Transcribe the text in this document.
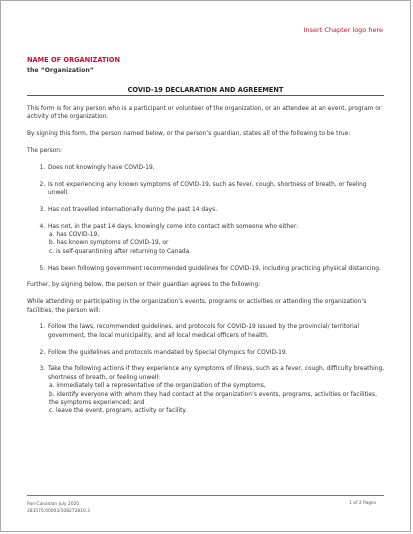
Insert Chapter logo here
NAME OF ORGANIZATION
the “Organization”
COVID-19 DECLARATION AND AGREEMENT

This form is for any person who is a participant or volunteer of the organization, or an attendee at an event, program or activity of the organization.

By signing this form, the person named below, or the person’s guardian, states all of the following to be true:

The person:

1. Does not knowingly have COVID-19.
2. Is not experiencing any known symptoms of COVID-19, such as fever, cough, shortness of breath, or feeling unwell.
3. Has not travelled internationally during the past 14 days.
4. Has not, in the past 14 days, knowingly come into contact with someone who either:
a. has COVID-19,
b. has known symptoms of COVID-19, or
c. is self-quarantining after returning to Canada.
5. Has been following government recommended guidelines for COVID-19, including practicing physical distancing.

Further, by signing below, the person or their guardian agrees to the following:

While attending or participating in the organization’s events, programs or activities or attending the organization’s facilities, the person will:

1. Follow the laws, recommended guidelines, and protocols for COVID-19 issued by the provincial/ territorial government, the local municipality, and all local medical officers of health.
2. Follow the guidelines and protocols mandated by Special Olympics for COVID-19.
3. Take the following actions if they experience any symptoms of illness, such as a fever, cough, difficulty breathing, shortness of breath, or feeling unwell:
a. immediately tell a representative of the organization of the symptoms,
b. identify everyone with whom they had contact at the organization’s events, programs, activities or facilities, the symptoms experienced; and
c. leave the event, program, activity or facility.
Pan-Canadian July 2020
283575.00003/108272810.3
1 of 2 Pages
